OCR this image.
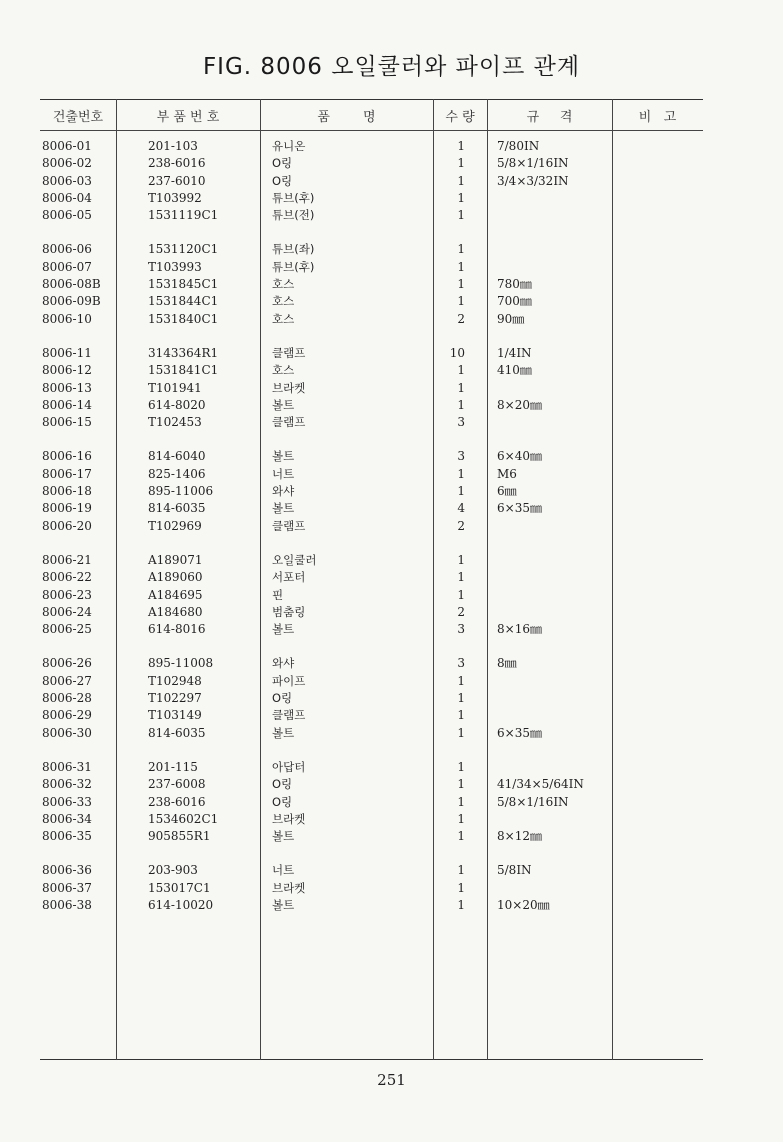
FIG. 8006 오일쿨러와 파이프 관계
건출번호	부 품 번 호	품        명	수 량	규     격	비   고
8006-01	201-103	유니온	1	7/80IN
8006-02	238-6016	O링	1	5/8×1/16IN
8006-03	237-6010	O링	1	3/4×3/32IN
8006-04	T103992	튜브(후)	1
8006-05	1531119C1	튜브(전)	1
8006-06	1531120C1	튜브(좌)	1
8006-07	T103993	튜브(후)	1
8006-08B	1531845C1	호스	1	780㎜
8006-09B	1531844C1	호스	1	700㎜
8006-10	1531840C1	호스	2	90㎜
8006-11	3143364R1	클램프	10	1/4IN
8006-12	1531841C1	호스	1	410㎜
8006-13	T101941	브라켓	1
8006-14	614-8020	볼트	1	8×20㎜
8006-15	T102453	클램프	3
8006-16	814-6040	볼트	3	6×40㎜
8006-17	825-1406	너트	1	M6
8006-18	895-11006	와샤	1	6㎜
8006-19	814-6035	볼트	4	6×35㎜
8006-20	T102969	클램프	2
8006-21	A189071	오일쿨러	1
8006-22	A189060	서포터	1
8006-23	A184695	핀	1
8006-24	A184680	범춤링	2
8006-25	614-8016	볼트	3	8×16㎜
8006-26	895-11008	와샤	3	8㎜
8006-27	T102948	파이프	1
8006-28	T102297	O링	1
8006-29	T103149	클램프	1
8006-30	814-6035	볼트	1	6×35㎜
8006-31	201-115	아답터	1
8006-32	237-6008	O링	1	41/34×5/64IN
8006-33	238-6016	O링	1	5/8×1/16IN
8006-34	1534602C1	브라켓	1
8006-35	905855R1	볼트	1	8×12㎜
8006-36	203-903	너트	1	5/8IN
8006-37	153017C1	브라켓	1
8006-38	614-10020	볼트	1	10×20㎜
251
